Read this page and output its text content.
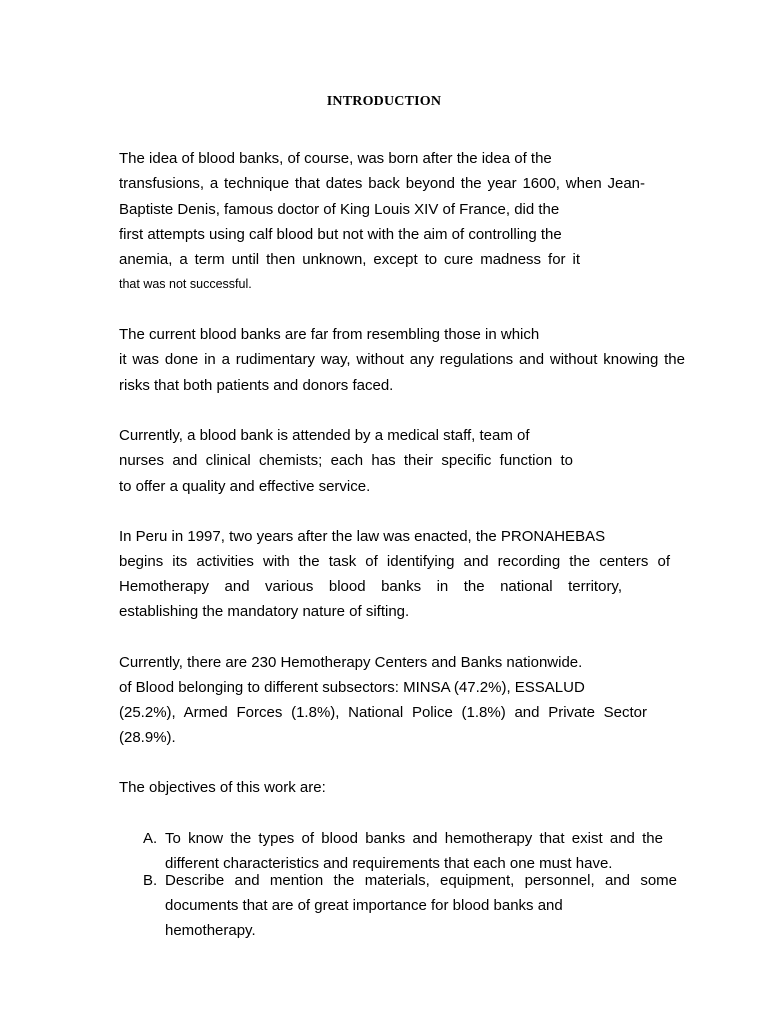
INTRODUCTION
The idea of blood banks, of course, was born after the idea of the
transfusions, a technique that dates back beyond the year 1600, when Jean-
Baptiste Denis, famous doctor of King Louis XIV of France, did the
first attempts using calf blood but not with the aim of controlling the
anemia, a term until then unknown, except to cure madness for it
that was not successful.
The current blood banks are far from resembling those in which
it was done in a rudimentary way, without any regulations and without knowing the
risks that both patients and donors faced.
Currently, a blood bank is attended by a medical staff, team of
nurses and clinical chemists; each has their specific function to
to offer a quality and effective service.
In Peru in 1997, two years after the law was enacted, the PRONAHEBAS
begins its activities with the task of identifying and recording the centers of
Hemotherapy and various blood banks in the national territory,
establishing the mandatory nature of sifting.
Currently, there are 230 Hemotherapy Centers and Banks nationwide.
of Blood belonging to different subsectors: MINSA (47.2%), ESSALUD
(25.2%), Armed Forces (1.8%), National Police (1.8%) and Private Sector
(28.9%).
The objectives of this work are:
A. To know the types of blood banks and hemotherapy that exist and the
different characteristics and requirements that each one must have.
B. Describe and mention the materials, equipment, personnel, and some
documents that are of great importance for blood banks and
hemotherapy.
